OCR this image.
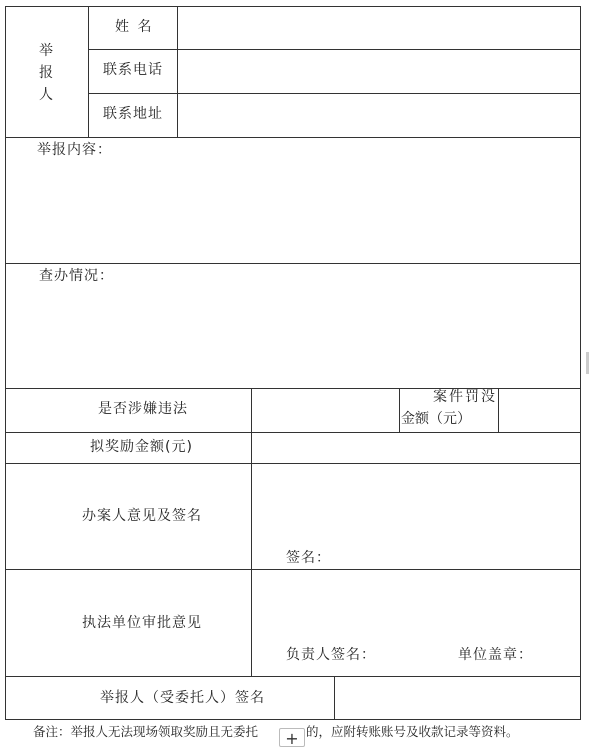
举报人
姓 名
联系电话
联系地址
举报内容：
查办情况：
是否涉嫌违法
案件罚没
金额（元）
拟奖励金额(元)
办案人意见及签名
签名：
执法单位审批意见
负责人签名：	单位盖章：
举报人（受委托人）签名
备注：举报人无法现场领取奖励且无委托	的，应附转账账号及收款记录等资料。
+
